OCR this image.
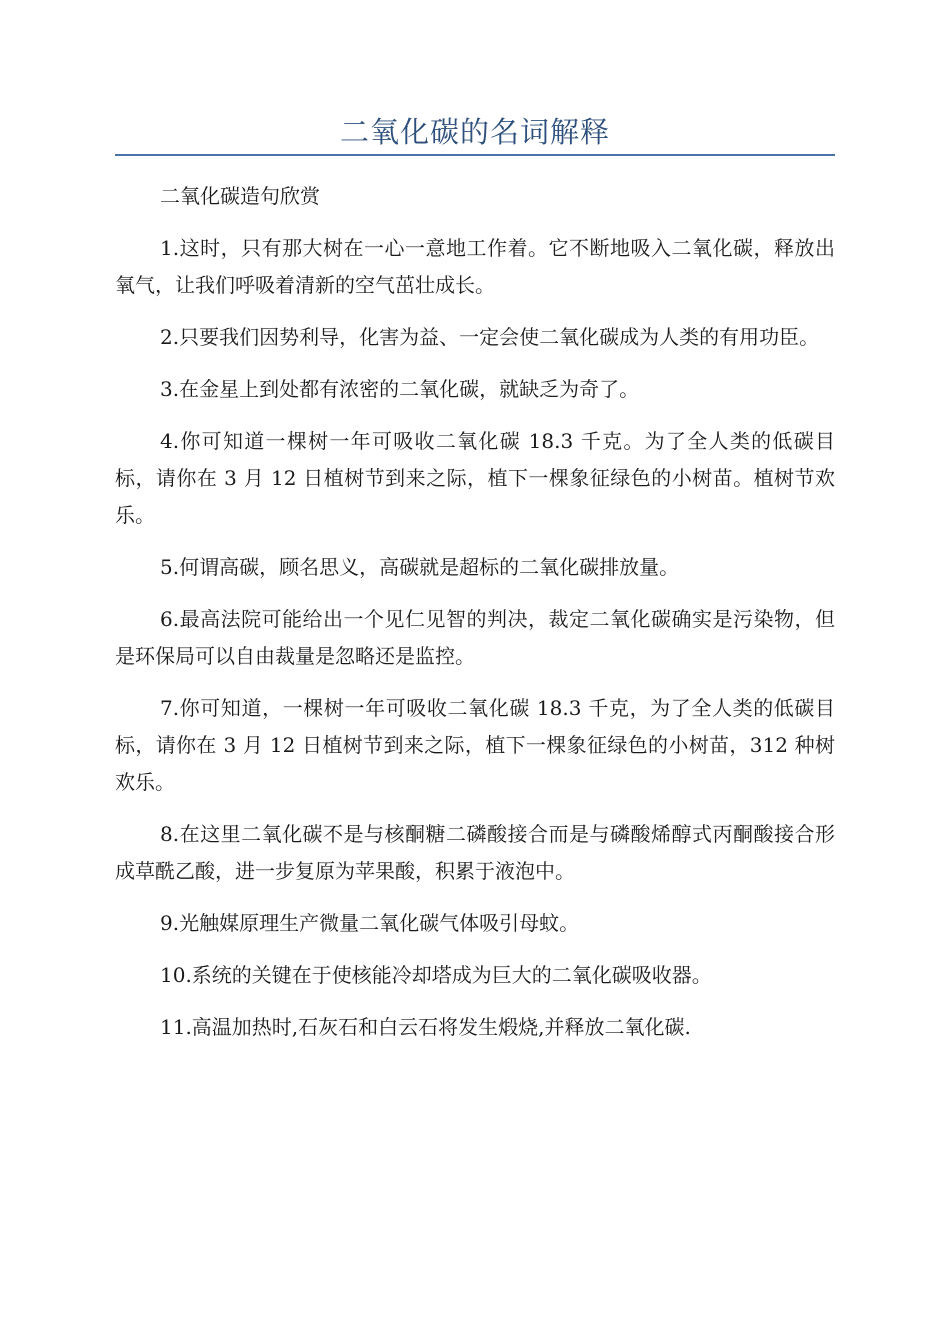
二氧化碳的名词解释

二氧化碳造句欣赏

1.这时，只有那大树在一心一意地工作着。它不断地吸入二氧化碳，释放出氧气，让我们呼吸着清新的空气茁壮成长。

2.只要我们因势利导，化害为益、一定会使二氧化碳成为人类的有用功臣。

3.在金星上到处都有浓密的二氧化碳，就缺乏为奇了。

4.你可知道一棵树一年可吸收二氧化碳 18.3 千克。为了全人类的低碳目标，请你在 3 月 12 日植树节到来之际，植下一棵象征绿色的小树苗。植树节欢乐。

5.何谓高碳，顾名思义，高碳就是超标的二氧化碳排放量。

6.最高法院可能给出一个见仁见智的判决，裁定二氧化碳确实是污染物，但是环保局可以自由裁量是忽略还是监控。

7.你可知道，一棵树一年可吸收二氧化碳 18.3 千克，为了全人类的低碳目标，请你在 3 月 12 日植树节到来之际，植下一棵象征绿色的小树苗，312 种树欢乐。

8.在这里二氧化碳不是与核酮糖二磷酸接合而是与磷酸烯醇式丙酮酸接合形成草酰乙酸，进一步复原为苹果酸，积累于液泡中。

9.光触媒原理生产微量二氧化碳气体吸引母蚊。

10.系统的关键在于使核能冷却塔成为巨大的二氧化碳吸收器。

11.高温加热时,石灰石和白云石将发生煅烧,并释放二氧化碳.
